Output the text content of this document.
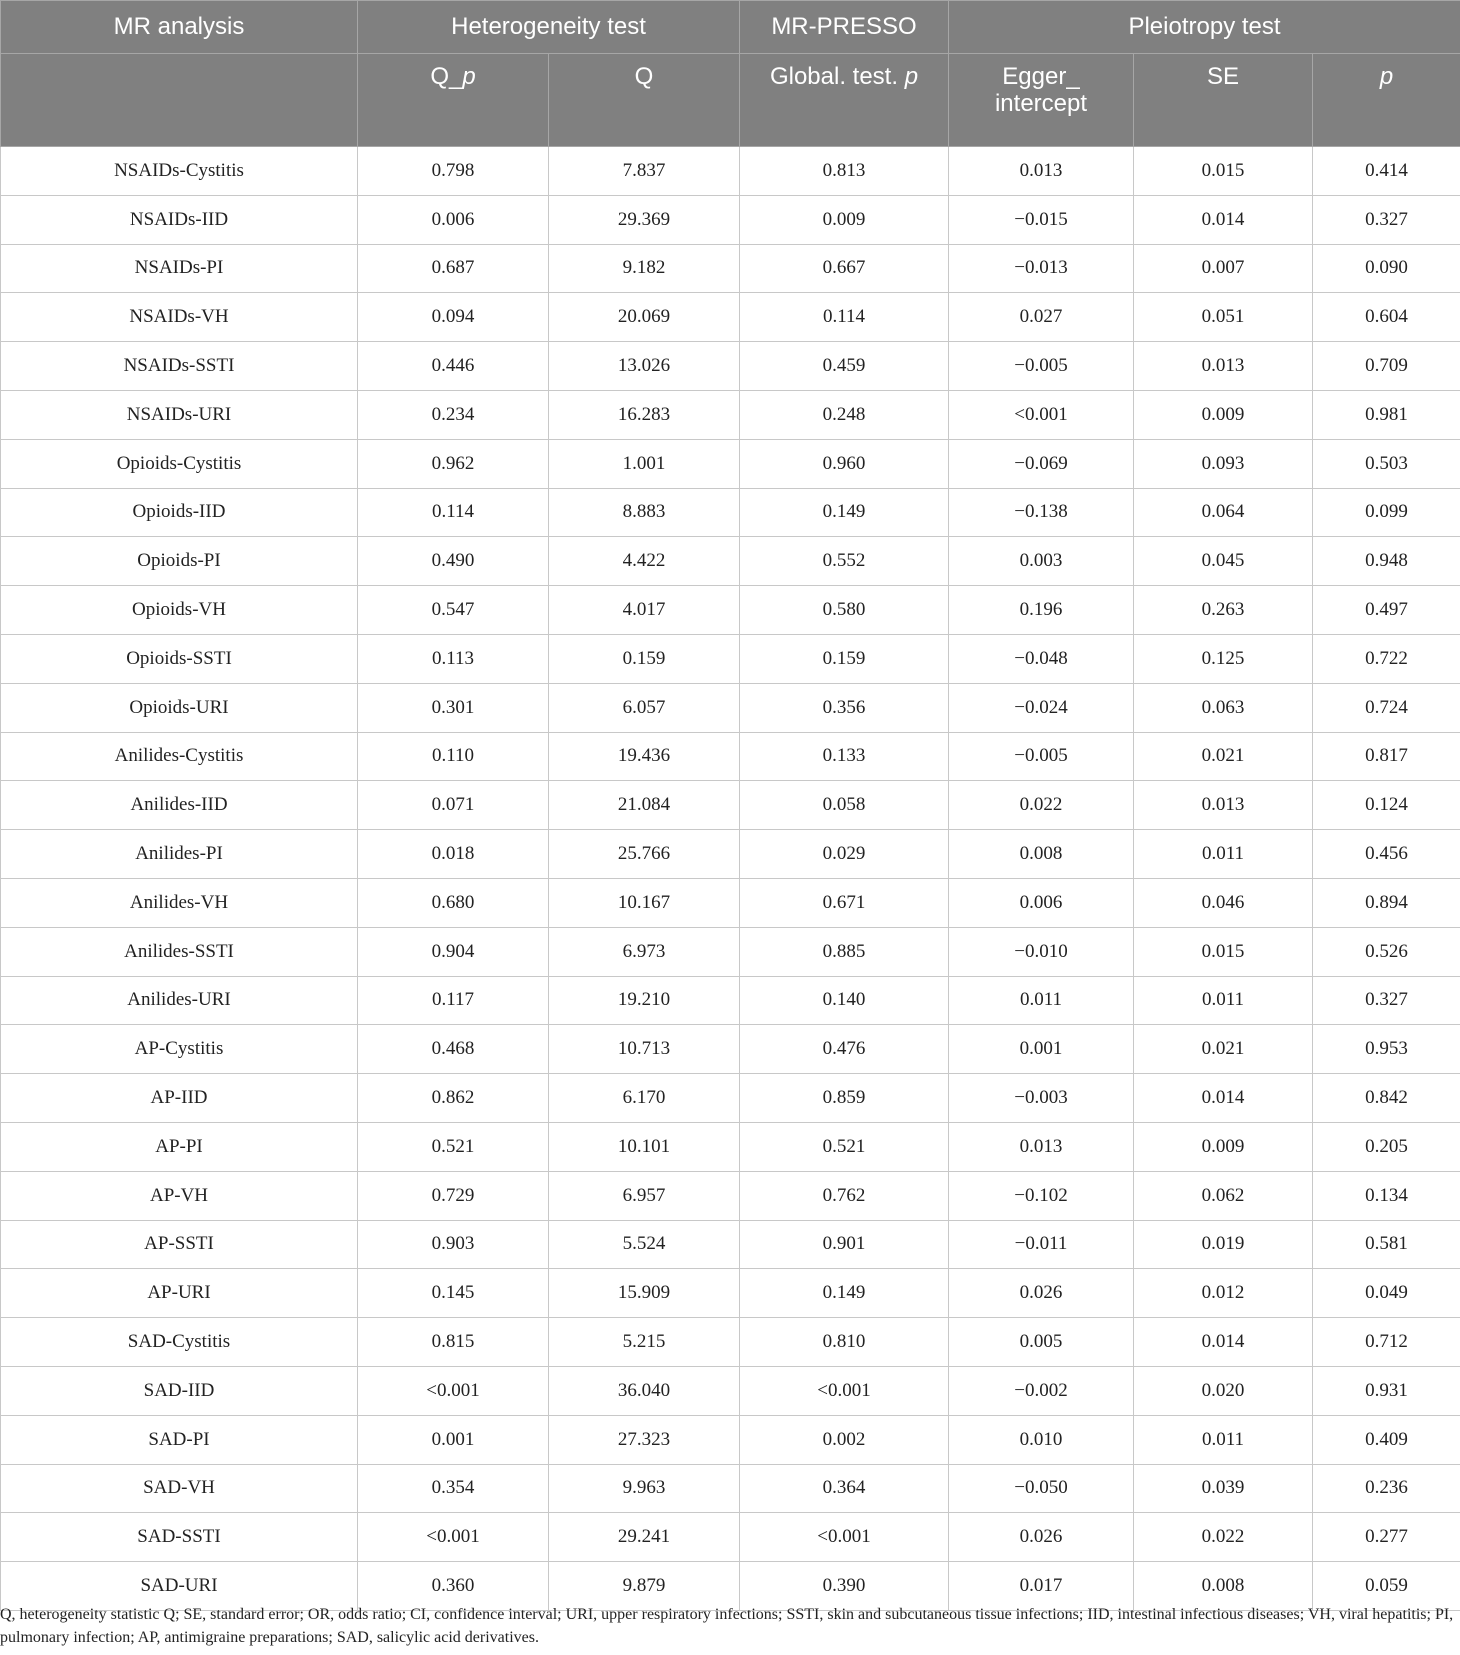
MR analysis	Heterogeneity test		MR-PRESSO	Pleiotropy test		
	Q_p	Q	Global. test. p	Egger_ intercept	SE	p
NSAIDs-Cystitis	0.798	7.837	0.813	0.013	0.015	0.414
NSAIDs-IID	0.006	29.369	0.009	−0.015	0.014	0.327
NSAIDs-PI	0.687	9.182	0.667	−0.013	0.007	0.090
NSAIDs-VH	0.094	20.069	0.114	0.027	0.051	0.604
NSAIDs-SSTI	0.446	13.026	0.459	−0.005	0.013	0.709
NSAIDs-URI	0.234	16.283	0.248	<0.001	0.009	0.981
Opioids-Cystitis	0.962	1.001	0.960	−0.069	0.093	0.503
Opioids-IID	0.114	8.883	0.149	−0.138	0.064	0.099
Opioids-PI	0.490	4.422	0.552	0.003	0.045	0.948
Opioids-VH	0.547	4.017	0.580	0.196	0.263	0.497
Opioids-SSTI	0.113	0.159	0.159	−0.048	0.125	0.722
Opioids-URI	0.301	6.057	0.356	−0.024	0.063	0.724
Anilides-Cystitis	0.110	19.436	0.133	−0.005	0.021	0.817
Anilides-IID	0.071	21.084	0.058	0.022	0.013	0.124
Anilides-PI	0.018	25.766	0.029	0.008	0.011	0.456
Anilides-VH	0.680	10.167	0.671	0.006	0.046	0.894
Anilides-SSTI	0.904	6.973	0.885	−0.010	0.015	0.526
Anilides-URI	0.117	19.210	0.140	0.011	0.011	0.327
AP-Cystitis	0.468	10.713	0.476	0.001	0.021	0.953
AP-IID	0.862	6.170	0.859	−0.003	0.014	0.842
AP-PI	0.521	10.101	0.521	0.013	0.009	0.205
AP-VH	0.729	6.957	0.762	−0.102	0.062	0.134
AP-SSTI	0.903	5.524	0.901	−0.011	0.019	0.581
AP-URI	0.145	15.909	0.149	0.026	0.012	0.049
SAD-Cystitis	0.815	5.215	0.810	0.005	0.014	0.712
SAD-IID	<0.001	36.040	<0.001	−0.002	0.020	0.931
SAD-PI	0.001	27.323	0.002	0.010	0.011	0.409
SAD-VH	0.354	9.963	0.364	−0.050	0.039	0.236
SAD-SSTI	<0.001	29.241	<0.001	0.026	0.022	0.277
SAD-URI	0.360	9.879	0.390	0.017	0.008	0.059

Q, heterogeneity statistic Q; SE, standard error; OR, odds ratio; CI, confidence interval; URI, upper respiratory infections; SSTI, skin and subcutaneous tissue infections; IID, intestinal infectious diseases; VH, viral hepatitis; PI, pulmonary infection; AP, antimigraine preparations; SAD, salicylic acid derivatives.
